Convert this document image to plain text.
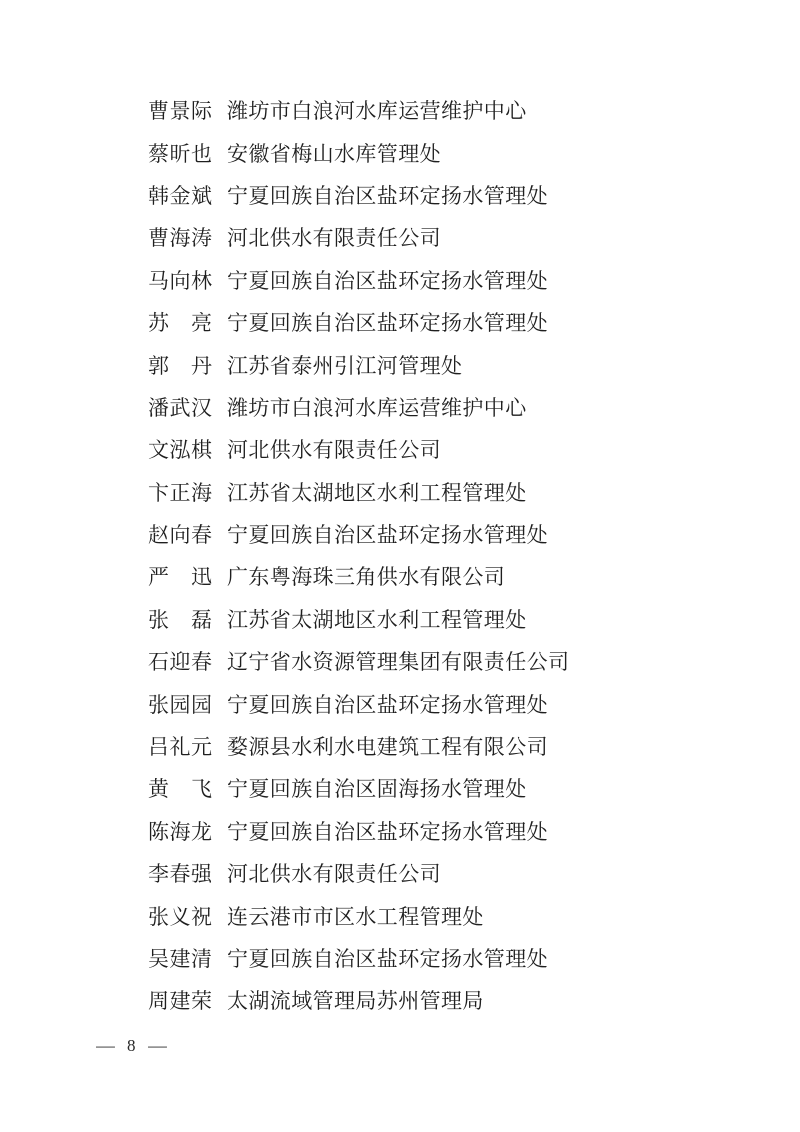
曹景际 潍坊市白浪河水库运营维护中心
蔡昕也 安徽省梅山水库管理处
韩金斌 宁夏回族自治区盐环定扬水管理处
曹海涛 河北供水有限责任公司
马向林 宁夏回族自治区盐环定扬水管理处
苏　亮 宁夏回族自治区盐环定扬水管理处
郭　丹 江苏省泰州引江河管理处
潘武汉 潍坊市白浪河水库运营维护中心
文泓棋 河北供水有限责任公司
卞正海 江苏省太湖地区水利工程管理处
赵向春 宁夏回族自治区盐环定扬水管理处
严　迅 广东粤海珠三角供水有限公司
张　磊 江苏省太湖地区水利工程管理处
石迎春 辽宁省水资源管理集团有限责任公司
张园园 宁夏回族自治区盐环定扬水管理处
吕礼元 婺源县水利水电建筑工程有限公司
黄　飞 宁夏回族自治区固海扬水管理处
陈海龙 宁夏回族自治区盐环定扬水管理处
李春强 河北供水有限责任公司
张义祝 连云港市市区水工程管理处
吴建清 宁夏回族自治区盐环定扬水管理处
周建荣 太湖流域管理局苏州管理局
— 8 —
